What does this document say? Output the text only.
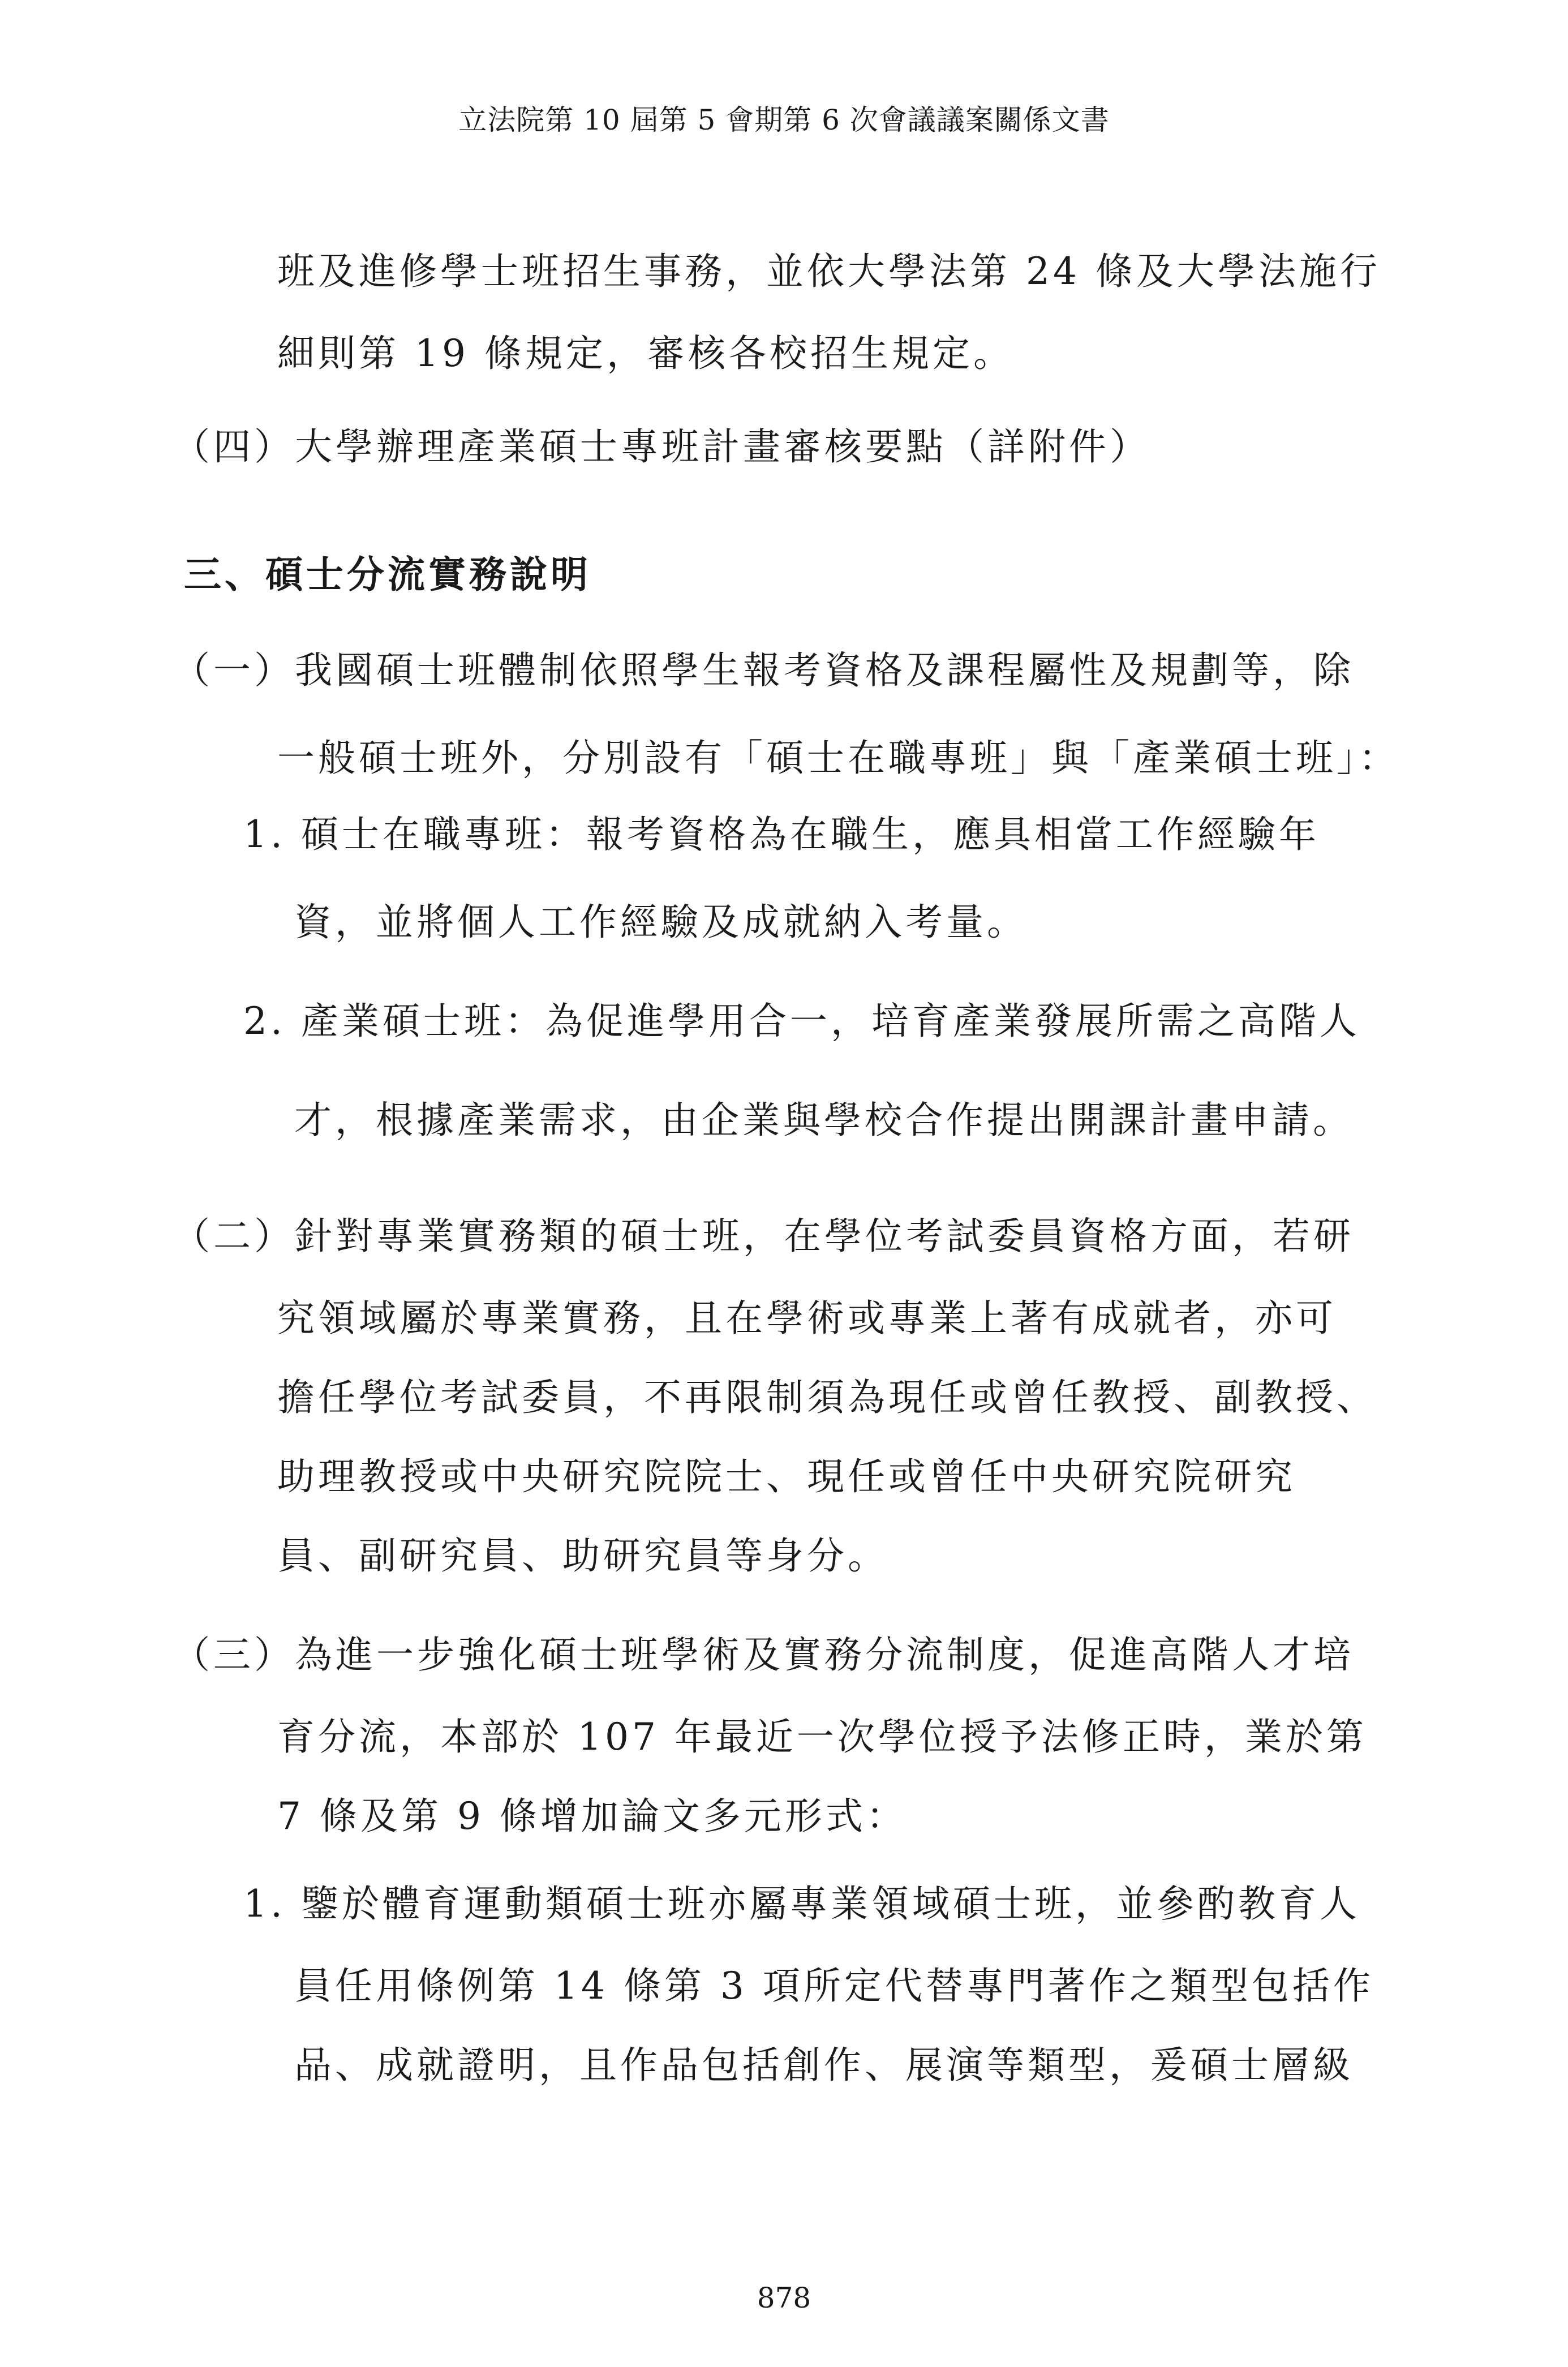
立法院第 10 屆第 5 會期第 6 次會議議案關係文書
班及進修學士班招生事務，並依大學法第 24 條及大學法施行
細則第 19 條規定，審核各校招生規定。
（四）大學辦理產業碩士專班計畫審核要點（詳附件）
三、碩士分流實務說明
（一）我國碩士班體制依照學生報考資格及課程屬性及規劃等，除
一般碩士班外，分別設有「碩士在職專班」與「產業碩士班」：
1. 碩士在職專班：報考資格為在職生，應具相當工作經驗年
資，並將個人工作經驗及成就納入考量。
2. 產業碩士班：為促進學用合一，培育產業發展所需之高階人
才，根據產業需求，由企業與學校合作提出開課計畫申請。
（二）針對專業實務類的碩士班，在學位考試委員資格方面，若研
究領域屬於專業實務，且在學術或專業上著有成就者，亦可
擔任學位考試委員，不再限制須為現任或曾任教授、副教授、
助理教授或中央研究院院士、現任或曾任中央研究院研究
員、副研究員、助研究員等身分。
（三）為進一步強化碩士班學術及實務分流制度，促進高階人才培
育分流，本部於 107 年最近一次學位授予法修正時，業於第
7 條及第 9 條增加論文多元形式：
1. 鑒於體育運動類碩士班亦屬專業領域碩士班，並參酌教育人
員任用條例第 14 條第 3 項所定代替專門著作之類型包括作
品、成就證明，且作品包括創作、展演等類型，爰碩士層級
878
